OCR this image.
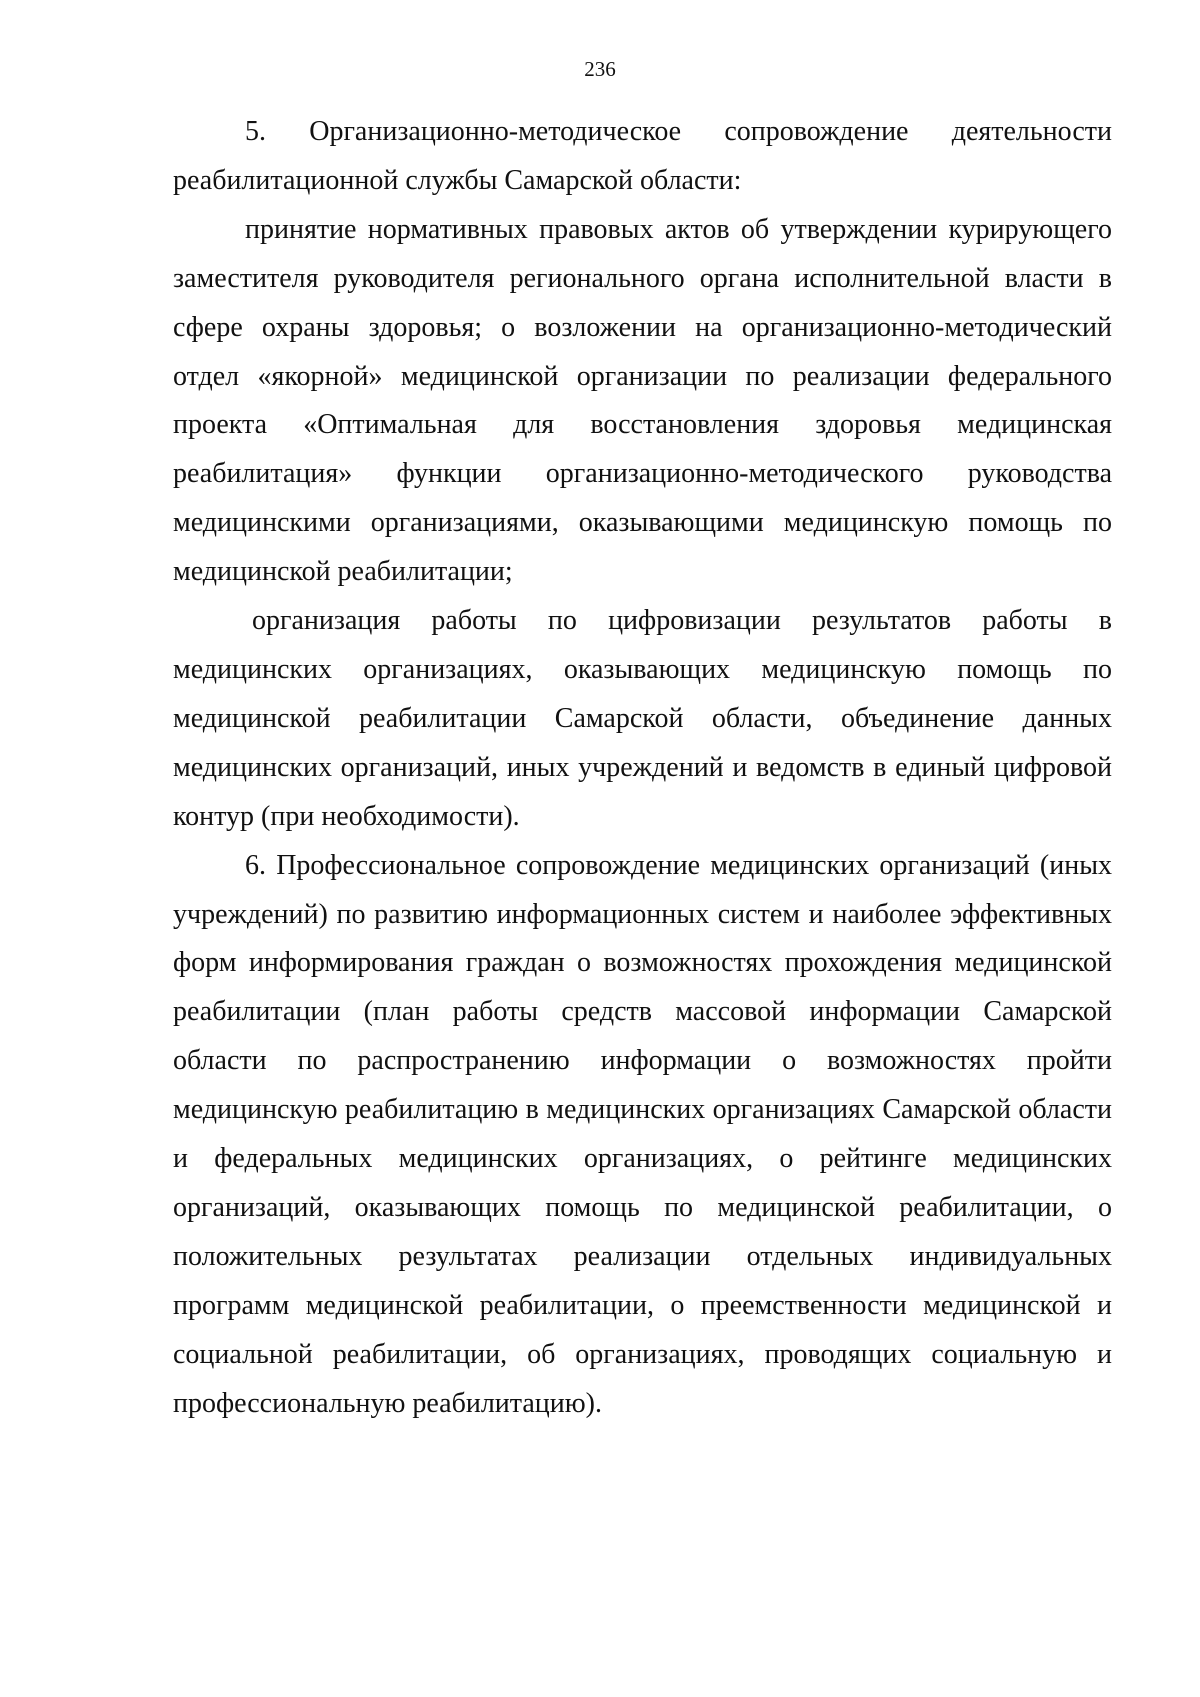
236

5. Организационно-методическое сопровождение деятельности реабилитационной службы Самарской области:

принятие нормативных правовых актов об утверждении курирующего заместителя руководителя регионального органа исполнительной власти в сфере охраны здоровья; о возложении на организационно-методический отдел «якорной» медицинской организации по реализации федерального проекта «Оптимальная для восстановления здоровья медицинская реабилитация» функции организационно-методического руководства медицинскими организациями, оказывающими медицинскую помощь по медицинской реабилитации;

организация работы по цифровизации результатов работы в медицинских организациях, оказывающих медицинскую помощь по медицинской реабилитации Самарской области, объединение данных медицинских организаций, иных учреждений и ведомств в единый цифровой контур (при необходимости).

6. Профессиональное сопровождение медицинских организаций (иных учреждений) по развитию информационных систем и наиболее эффективных форм информирования граждан о возможностях прохождения медицинской реабилитации (план работы средств массовой информации Самарской области по распространению информации о возможностях пройти медицинскую реабилитацию в медицинских организациях Самарской области и федеральных медицинских организациях, о рейтинге медицинских организаций, оказывающих помощь по медицинской реабилитации, о положительных результатах реализации отдельных индивидуальных программ медицинской реабилитации, о преемственности медицинской и социальной реабилитации, об организациях, проводящих социальную и профессиональную реабилитацию).
